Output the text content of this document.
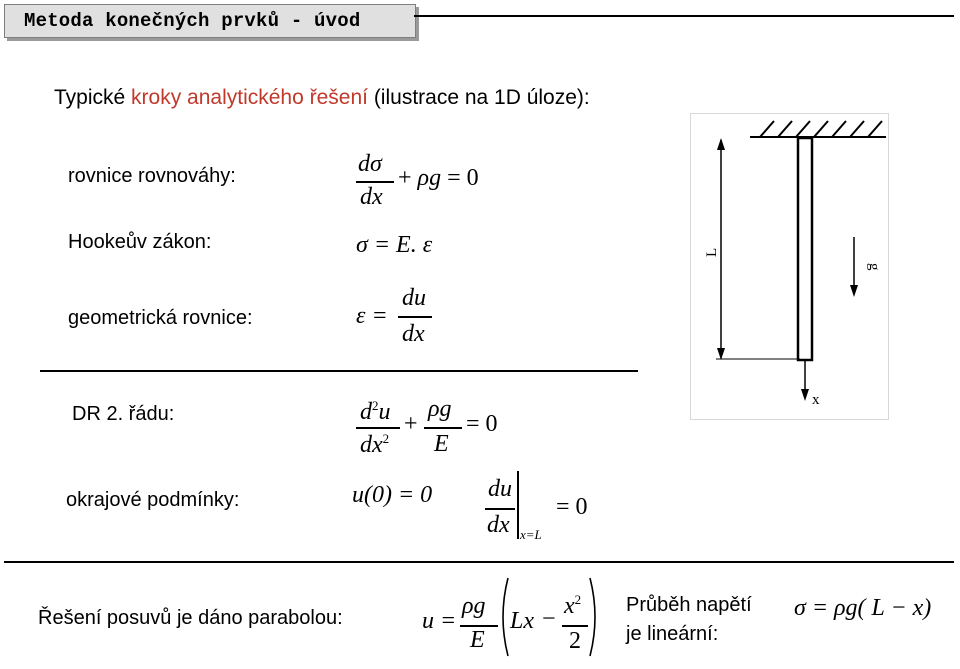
Metoda konečných prvků - úvod
Typické kroky analytického řešení (ilustrace na 1D úloze):
rovnice rovnováhy:	dσ
dx
+ ρg = 0
Hookeův zákon:	σ = E. ε
geometrická rovnice:	ε =
du
dx
DR 2. řádu:	$d^2u$
$dx^2$
+
ρg
E
= 0
okrajové podmínky:	u(0) = 0 du
dx x=L
= 0
Řešení posuvů je dáno parabolou:	u =
ρg
E
$Lx - x^2$
2
Průběh napětí
je lineární:
σ = ρg( L − x)
L
g
x
